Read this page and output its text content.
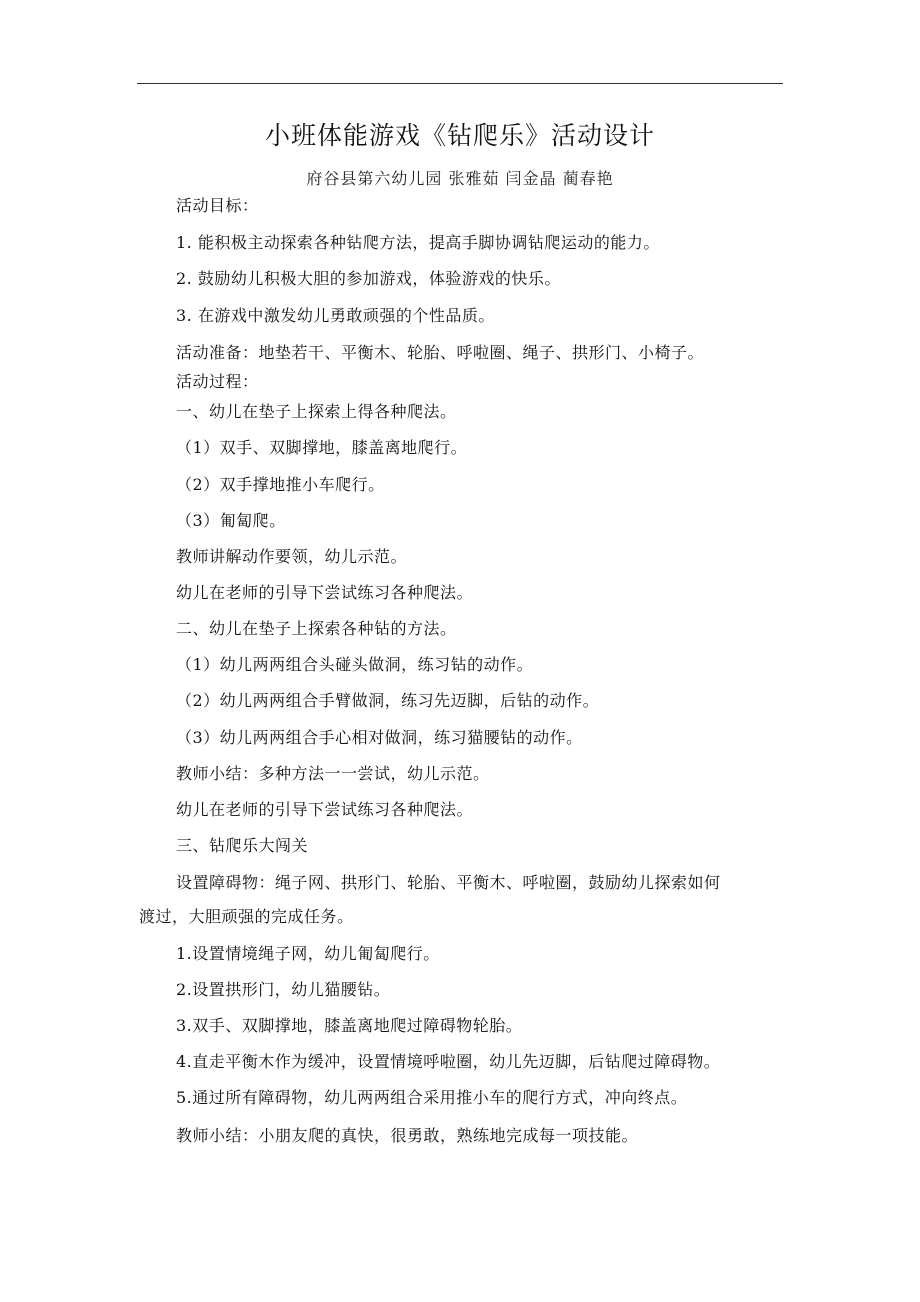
小班体能游戏《钻爬乐》活动设计
府谷县第六幼儿园 张雅茹 闫金晶 蔺春艳
活动目标：
1. 能积极主动探索各种钻爬方法，提高手脚协调钻爬运动的能力。
2. 鼓励幼儿积极大胆的参加游戏，体验游戏的快乐。
3. 在游戏中激发幼儿勇敢顽强的个性品质。
活动准备：地垫若干、平衡木、轮胎、呼啦圈、绳子、拱形门、小椅子。
活动过程：
一、幼儿在垫子上探索上得各种爬法。
（1）双手、双脚撑地，膝盖离地爬行。
（2）双手撑地推小车爬行。
（3）匍匐爬。
教师讲解动作要领，幼儿示范。
幼儿在老师的引导下尝试练习各种爬法。
二、幼儿在垫子上探索各种钻的方法。
（1）幼儿两两组合头碰头做洞，练习钻的动作。
（2）幼儿两两组合手臂做洞，练习先迈脚，后钻的动作。
（3）幼儿两两组合手心相对做洞，练习猫腰钻的动作。
教师小结：多种方法一一尝试，幼儿示范。
幼儿在老师的引导下尝试练习各种爬法。
三、钻爬乐大闯关
设置障碍物：绳子网、拱形门、轮胎、平衡木、呼啦圈，鼓励幼儿探索如何
渡过，大胆顽强的完成任务。
1.设置情境绳子网，幼儿匍匐爬行。
2.设置拱形门，幼儿猫腰钻。
3.双手、双脚撑地，膝盖离地爬过障碍物轮胎。
4.直走平衡木作为缓冲，设置情境呼啦圈，幼儿先迈脚，后钻爬过障碍物。
5.通过所有障碍物，幼儿两两组合采用推小车的爬行方式，冲向终点。
教师小结：小朋友爬的真快，很勇敢，熟练地完成每一项技能。
